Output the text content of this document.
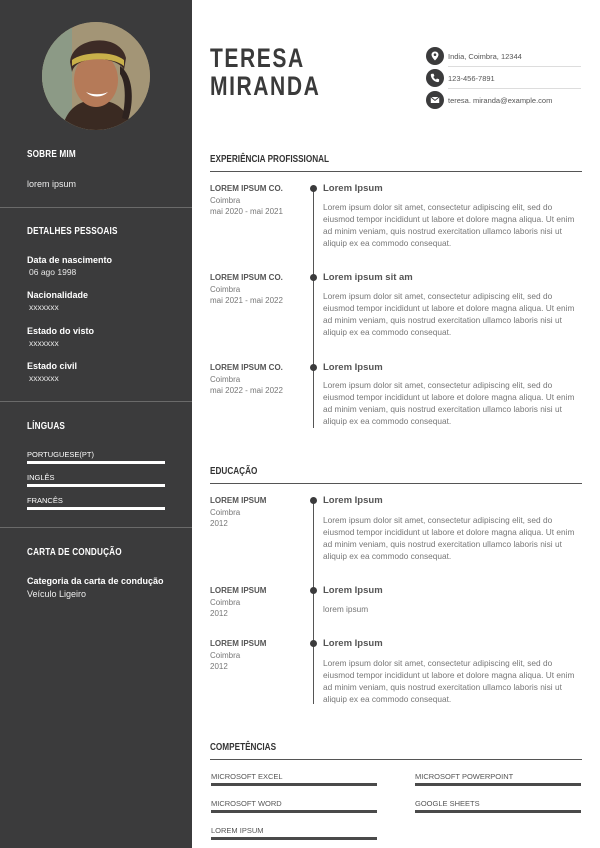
SOBRE MIM
lorem ipsum
DETALHES PESSOAIS
Data de nascimento
06 ago 1998
Nacionalidade
xxxxxxx
Estado do visto
xxxxxxx
Estado civil
xxxxxxx
LÍNGUAS
PORTUGUESE(PT)
INGLÊS
FRANCÊS
CARTA DE CONDUÇÃO
Categoria da carta de condução
Veículo Ligeiro
TERESA
MIRANDA
India, Coimbra, 12344
123-456-7891
teresa. miranda@example.com
EXPERIÊNCIA PROFISSIONAL
LOREM IPSUM CO.
Coimbra
mai 2020 - mai 2021
Lorem Ipsum
Lorem ipsum dolor sit amet, consectetur adipiscing elit, sed do eiusmod tempor incididunt ut labore et dolore magna aliqua. Ut enim ad minim veniam, quis nostrud exercitation ullamco laboris nisi ut aliquip ex ea commodo consequat.
LOREM IPSUM CO.
Coimbra
mai 2021 - mai 2022
Lorem ipsum sit am
Lorem ipsum dolor sit amet, consectetur adipiscing elit, sed do eiusmod tempor incididunt ut labore et dolore magna aliqua. Ut enim ad minim veniam, quis nostrud exercitation ullamco laboris nisi ut aliquip ex ea commodo consequat.
LOREM IPSUM CO.
Coimbra
mai 2022 - mai 2022
Lorem Ipsum
Lorem ipsum dolor sit amet, consectetur adipiscing elit, sed do eiusmod tempor incididunt ut labore et dolore magna aliqua. Ut enim ad minim veniam, quis nostrud exercitation ullamco laboris nisi ut aliquip ex ea commodo consequat.
EDUCAÇÃO
LOREM IPSUM
Coimbra
2012
Lorem Ipsum
Lorem ipsum dolor sit amet, consectetur adipiscing elit, sed do eiusmod tempor incididunt ut labore et dolore magna aliqua. Ut enim ad minim veniam, quis nostrud exercitation ullamco laboris nisi ut aliquip ex ea commodo consequat.
LOREM IPSUM
Coimbra
2012
Lorem Ipsum
lorem ipsum
LOREM IPSUM
Coimbra
2012
Lorem Ipsum
Lorem ipsum dolor sit amet, consectetur adipiscing elit, sed do eiusmod tempor incididunt ut labore et dolore magna aliqua. Ut enim ad minim veniam, quis nostrud exercitation ullamco laboris nisi ut aliquip ex ea commodo consequat.
COMPETÊNCIAS
MICROSOFT EXCEL	MICROSOFT POWERPOINT
MICROSOFT WORD	GOOGLE SHEETS
LOREM IPSUM
